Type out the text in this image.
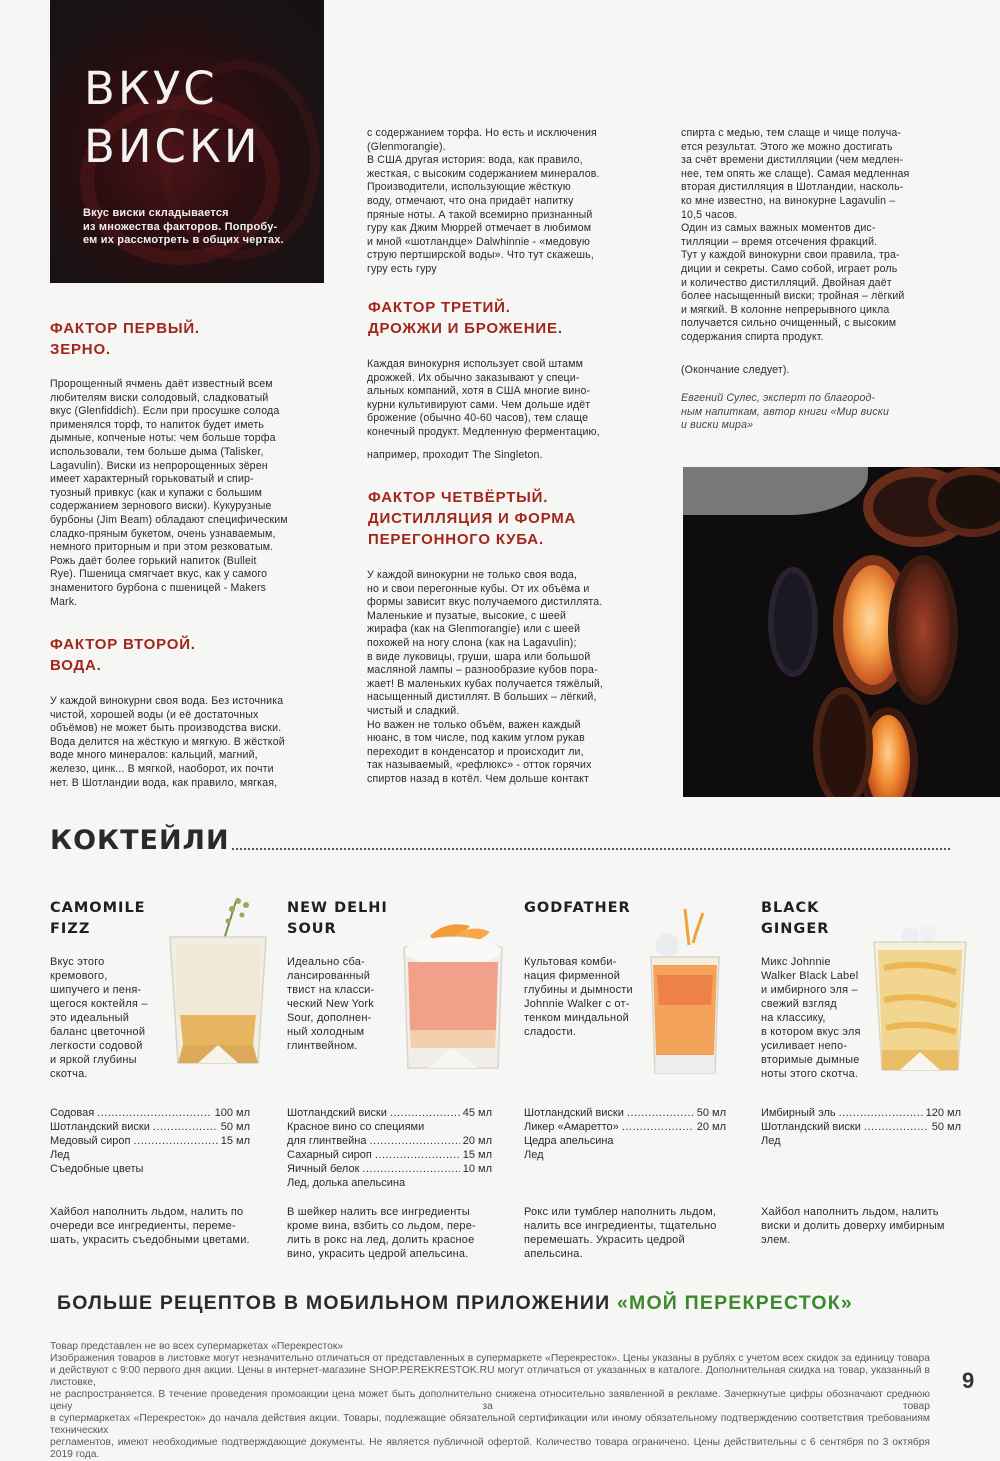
ВКУС
ВИСКИ

Вкус виски складывается
из множества факторов. Попробу-
ем их рассмотреть в общих чертах.

ФАКТОР ПЕРВЫЙ.
ЗЕРНО.

Пророщенный ячмень даёт известный всем
любителям виски солодовый, сладковатый
вкус (Glenfiddich). Если при просушке солода
применялся торф, то напиток будет иметь
дымные, копченые ноты: чем больше торфа
использовали, тем больше дыма (Talisker,
Lagavulin). Виски из непророщенных зёрен
имеет характерный горьковатый и спир-
туозный привкус (как и купажи с большим
содержанием зернового виски). Кукурузные
бурбоны (Jim Beam) обладают специфическим
сладко-пряным букетом, очень узнаваемым,
немного приторным и при этом резковатым.
Рожь даёт более горький напиток (Bulleit
Rye). Пшеница смягчает вкус, как у самого
знаменитого бурбона с пшеницей - Makers
Mark.

ФАКТОР ВТОРОЙ.
ВОДА.

У каждой винокурни своя вода. Без источника
чистой, хорошей воды (и её достаточных
объёмов) не может быть производства виски.
Вода делится на жёсткую и мягкую. В жёсткой
воде много минералов: кальций, магний,
железо, цинк... В мягкой, наоборот, их почти
нет. В Шотландии вода, как правило, мягкая,

с содержанием торфа. Но есть и исключения
(Glenmorangie).
В США другая история: вода, как правило,
жесткая, с высоким содержанием минералов.
Производители, использующие жёсткую
воду, отмечают, что она придаёт напитку
пряные ноты. А такой всемирно признанный
гуру как Джим Мюррей отмечает в любимом
и мной «шотландце» Dalwhinnie - «медовую
струю пертширской воды». Что тут скажешь,
гуру есть гуру

ФАКТОР ТРЕТИЙ.
ДРОЖЖИ И БРОЖЕНИЕ.

Каждая винокурня использует свой штамм
дрожжей. Их обычно заказывают у специ-
альных компаний, хотя в США многие вино-
курни культивируют сами. Чем дольше идёт
брожение (обычно 40-60 часов), тем слаще
конечный продукт. Медленную ферментацию,

например, проходит The Singleton.

ФАКТОР ЧЕТВЁРТЫЙ.
ДИСТИЛЛЯЦИЯ И ФОРМА
ПЕРЕГОННОГО КУБА.

У каждой винокурни не только своя вода,
но и свои перегонные кубы. От их объёма и
формы зависит вкус получаемого дистиллята.
Маленькие и пузатые, высокие, с шеей
жирафа (как на Glenmorangie) или с шеей
похожей на ногу слона (как на Lagavulin);
в виде луковицы, груши, шара или большой
масляной лампы – разнообразие кубов пора-
жает! В маленьких кубах получается тяжёлый,
насыщенный дистиллят. В больших – лёгкий,
чистый и сладкий.
Но важен не только объём, важен каждый
нюанс, в том числе, под каким углом рукав
переходит в конденсатор и происходит ли,
так называемый, «рефлюкс» - отток горячих
спиртов назад в котёл. Чем дольше контакт

спирта с медью, тем слаще и чище получа-
ется результат. Этого же можно достигать
за счёт времени дистилляции (чем медлен-
нее, тем опять же слаще). Самая медленная
вторая дистилляция в Шотландии, насколь-
ко мне известно, на винокурне Lagavulin –
10,5 часов.
Один из самых важных моментов дис-
тилляции – время отсечения фракций.
Тут у каждой винокурни свои правила, тра-
диции и секреты. Само собой, играет роль
и количество дистилляций. Двойная даёт
более насыщенный виски; тройная – лёгкий
и мягкий. В колонне непрерывного цикла
получается сильно очищенный, с высоким
содержания спирта продукт.

(Окончание следует).

Евгений Сулес, эксперт по благород-
ным напиткам, автор книги «Мир виски
и виски мира»

КОКТЕЙЛИ
CAMOMILE
FIZZ

Вкус этого
кремового,
шипучего и пеня-
щегося коктейля –
это идеальный
баланс цветочной
легкости содовой
и яркой глубины
скотча.

Содовая .....	100 мл
Шотландский виски .....	50 мл
Медовый сироп .....	15 мл
Лед
Съедобные цветы

Хайбол наполнить льдом, налить по
очереди все ингредиенты, переме-
шать, украсить съедобными цветами.

NEW DELHI
SOUR

Идеально сба-
лансированный
твист на класси-
ческий New York
Sour, дополнен-
ный холодным
глинтвейном.

Шотландский виски .....	45 мл
Красное вино со специями
для глинтвейна .....	20 мл
Сахарный сироп .....	15 мл
Яичный белок .....	10 мл
Лед, долька апельсина

В шейкер налить все ингредиенты
кроме вина, взбить со льдом, пере-
лить в рокс на лед, долить красное
вино, украсить цедрой апельсина.

GODFATHER

Культовая комби-
нация фирменной
глубины и дымности
Johnnie Walker с от-
тенком миндальной
сладости.

Шотландский виски .....	50 мл
Ликер «Амаретто» .....	20 мл
Цедра апельсина
Лед

Рокс или тумблер наполнить льдом,
налить все ингредиенты, тщательно
перемешать. Украсить цедрой
апельсина.

BLACK
GINGER

Микс Johnnie
Walker Black Label
и имбирного эля –
свежий взгляд
на классику,
в котором вкус эля
усиливает непо-
вторимые дымные
ноты этого скотча.

Имбирный эль .....	120 мл
Шотландский виски .....	50 мл
Лед

Хайбол наполнить льдом, налить
виски и долить доверху имбирным
элем.

БОЛЬШЕ РЕЦЕПТОВ В МОБИЛЬНОМ ПРИЛОЖЕНИИ «МОЙ ПЕРЕКРЕСТОК»

Товар представлен не во всех супермаркетах «Перекресток»

Изображения товаров в листовке могут незначительно отличаться от представленных в супермаркете «Перекресток». Цены указаны в рублях с учетом всех скидок за единицу товара

и действуют с 9:00 первого дня акции. Цены в интернет-магазине SHOP.PEREKRESTOK.RU могут отличаться от указанных в каталоге. Дополнительная скидка на товар, указанный в листовке,

не распространяется. В течение проведения промоакции цена может быть дополнительно снижена относительно заявленной в рекламе. Зачеркнутые цифры обозначают среднюю цену за товар

в супермаркетах «Перекресток» до начала действия акции. Товары, подлежащие обязательной сертификации или иному обязательному подтверждению соответствия требованиям технических

регламентов, имеют необходимые подтверждающие документы. Не является публичной офертой. Количество товара ограничено. Цены действительны с 6 сентября по 3 октября 2019 года.

9
